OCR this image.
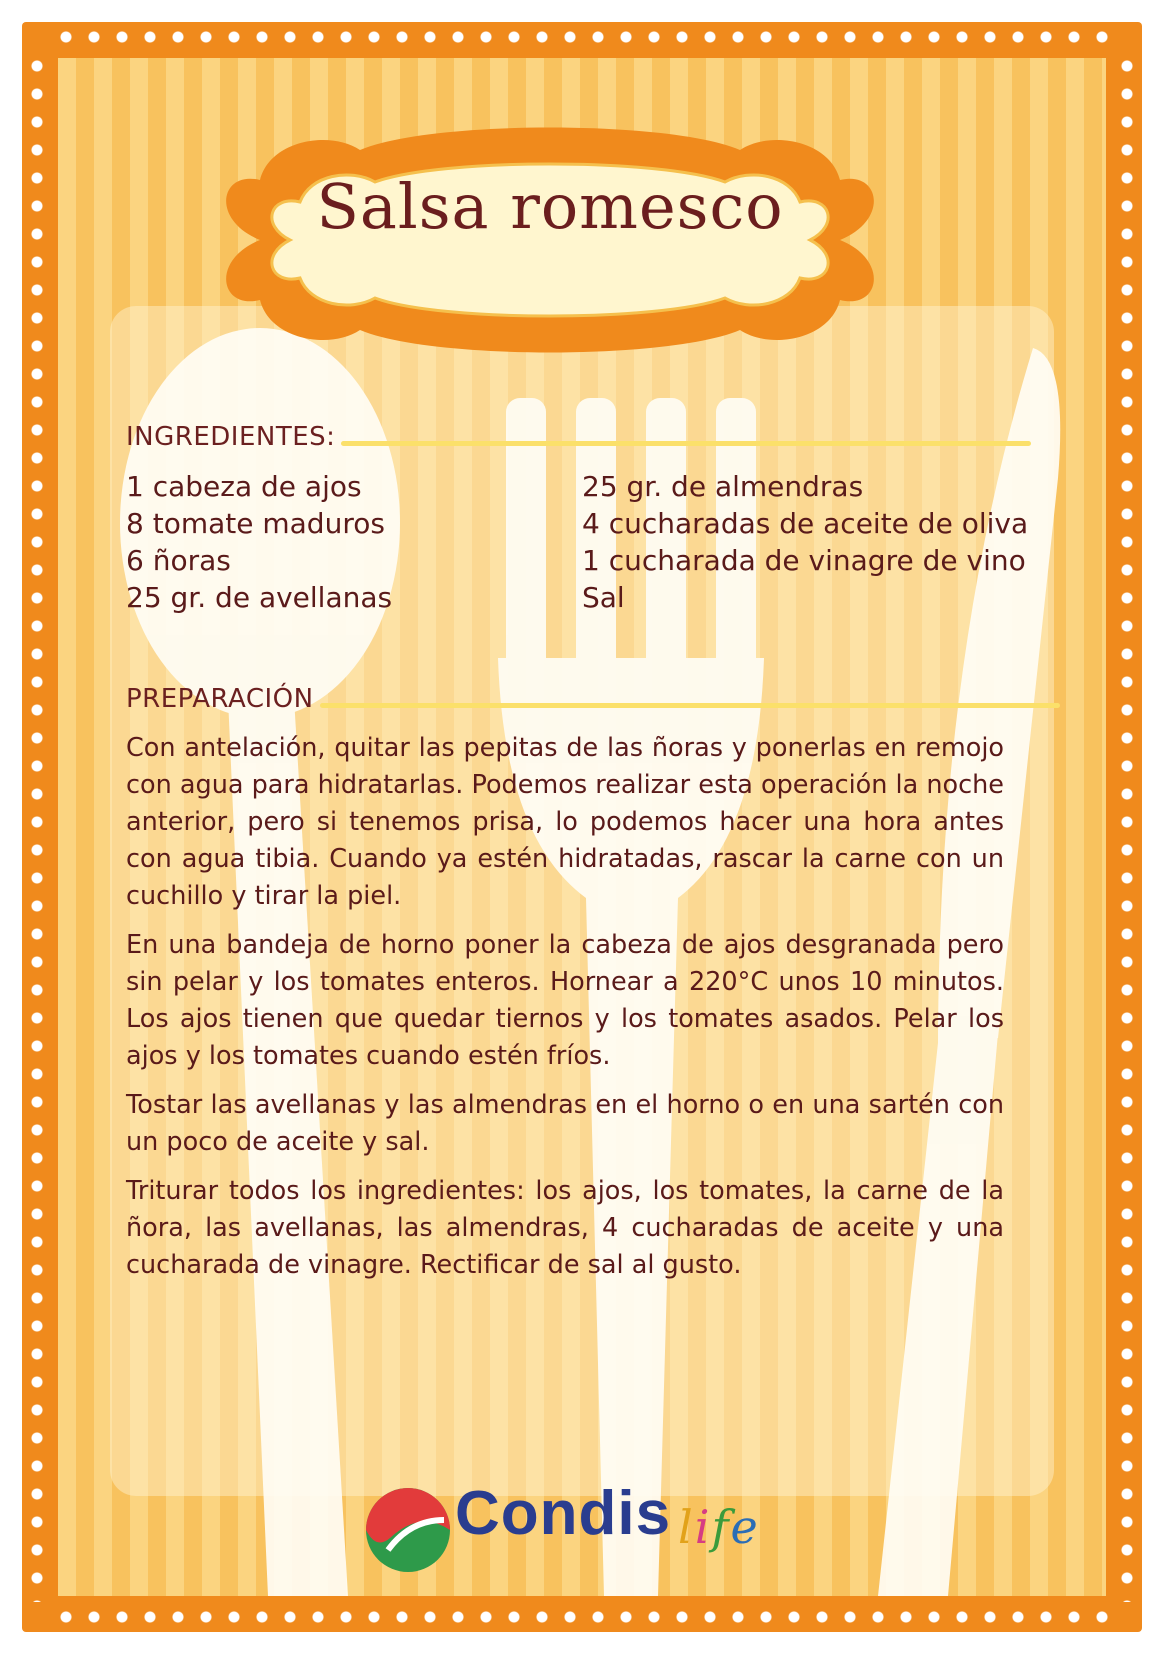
Salsa romesco
INGREDIENTES:
1 cabeza de ajos
8 tomate maduros
6 ñoras
25 gr. de avellanas
25 gr. de almendras
4 cucharadas de aceite de oliva
1 cucharada de vinagre de vino
Sal
PREPARACIÓN

Con antelación, quitar las pepitas de las ñoras y ponerlas en remojo con agua para hidratarlas. Podemos realizar esta operación la noche anterior, pero si tenemos prisa, lo podemos hacer una hora antes con agua tibia. Cuando ya estén hidratadas, rascar la carne con un cuchillo y tirar la piel.

En una bandeja de horno poner la cabeza de ajos desgranada pero sin pelar y los tomates enteros. Hornear a 220°C unos 10 minutos. Los ajos tienen que quedar tiernos y los tomates asados. Pelar los ajos y los tomates cuando estén fríos.

Tostar las avellanas y las almendras en el horno o en una sartén con un poco de aceite y sal.

Triturar todos los ingredientes: los ajos, los tomates, la carne de la ñora, las avellanas, las almendras, 4 cucharadas de aceite y una cucharada de vinagre. Rectificar de sal al gusto.

Condis life
